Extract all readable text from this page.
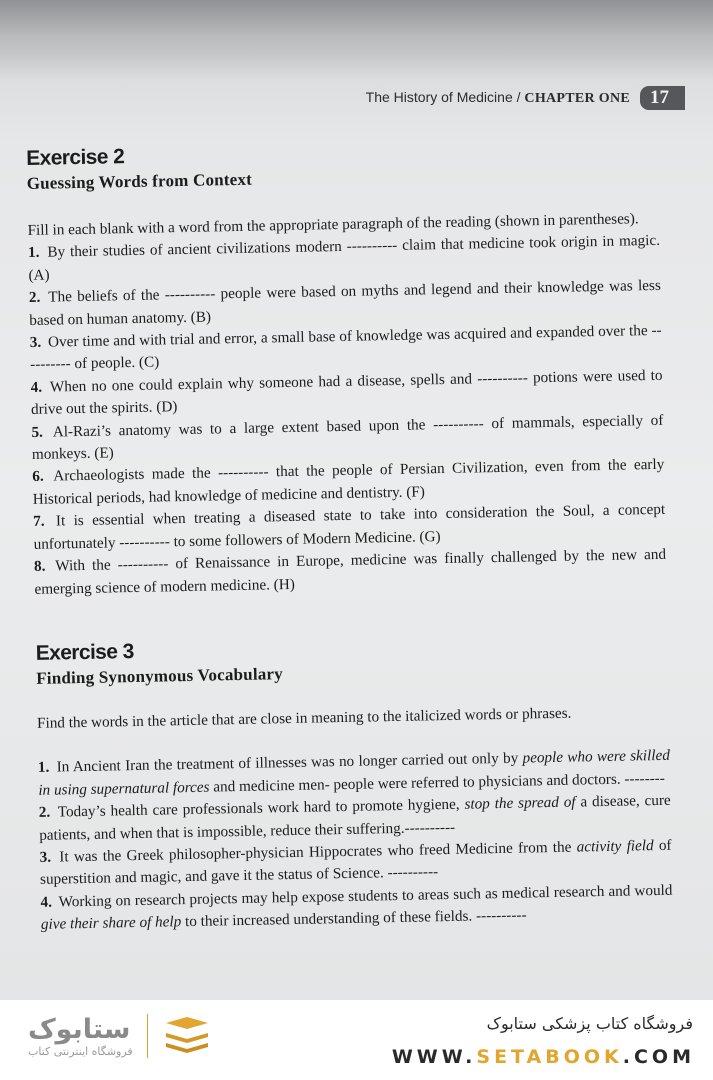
The History of Medicine / CHAPTER ONE	17
Exercise 2
Guessing Words from Context

Fill in each blank with a word from the appropriate paragraph of the reading (shown in parentheses).

1. By their studies of ancient civilizations modern ---------- claim that medicine took origin in magic. (A)

2. The beliefs of the ---------- people were based on myths and legend and their knowledge was less based on human anatomy. (B)

3. Over time and with trial and error, a small base of knowledge was acquired and expanded over the ---------- of people. (C)

4. When no one could explain why someone had a disease, spells and ---------- potions were used to drive out the spirits. (D)

5. Al-Razi’s anatomy was to a large extent based upon the ---------- of mammals, especially of monkeys. (E)

6. Archaeologists made the ---------- that the people of Persian Civilization, even from the early Historical periods, had knowledge of medicine and dentistry. (F)

7. It is essential when treating a diseased state to take into consideration the Soul, a concept unfortunately ---------- to some followers of Modern Medicine. (G)

8. With the ---------- of Renaissance in Europe, medicine was finally challenged by the new and emerging science of modern medicine. (H)

Exercise 3
Finding Synonymous Vocabulary

Find the words in the article that are close in meaning to the italicized words or phrases.

1. In Ancient Iran the treatment of illnesses was no longer carried out only by people who were skilled in using supernatural forces and medicine men- people were referred to physicians and doctors. --------

2. Today’s health care professionals work hard to promote hygiene, stop the spread of a disease, cure patients, and when that is impossible, reduce their suffering.----------

3. It was the Greek philosopher-physician Hippocrates who freed Medicine from the activity field of superstition and magic, and gave it the status of Science. ----------

4. Working on research projects may help expose students to areas such as medical research and would give their share of help to their increased understanding of these fields. ----------

ستابوک
فروشگاه اینترنتی کتاب
فروشگاه کتاب پزشکی ستابوک
WWW.SETABOOK.COM
